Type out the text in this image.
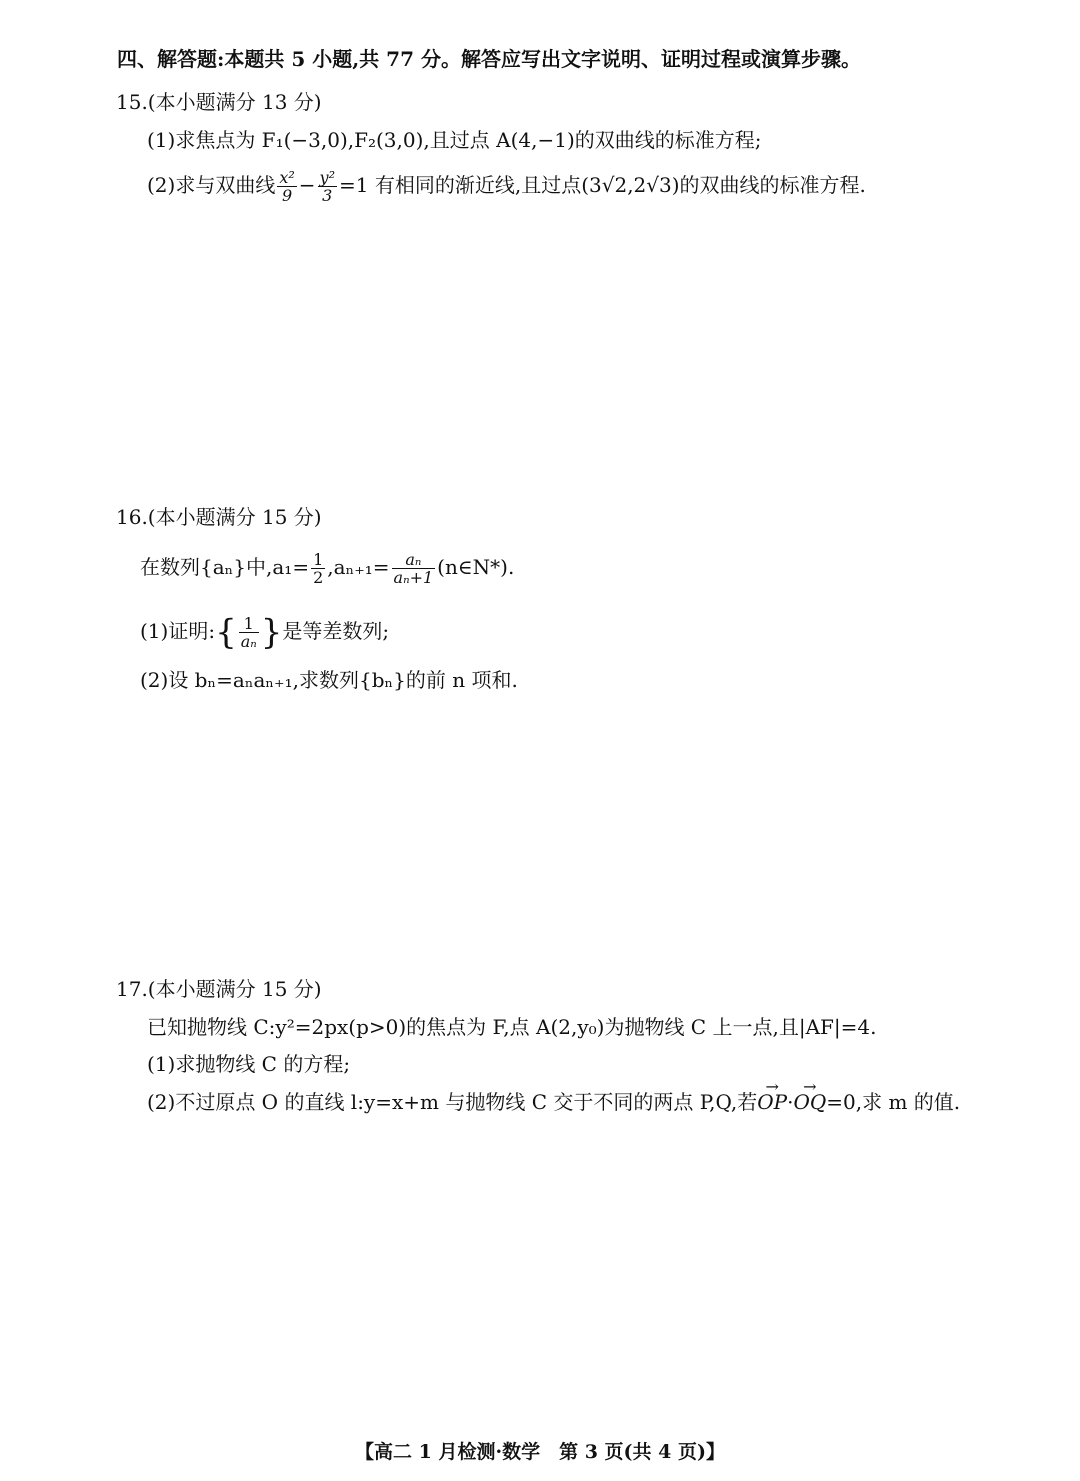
四、解答题:本题共 5 小题,共 77 分。解答应写出文字说明、证明过程或演算步骤。
15.(本小题满分 13 分)
(1)求焦点为 F₁(−3,0),F₂(3,0),且过点 A(4,−1)的双曲线的标准方程;
(2)求与双曲线 $\frac{\text{x²}}{9} - \frac{\text{y²}}{3} =1$ 有相同的渐近线,且过点(3√2,2√3)的双曲线的标准方程.
16.(本小题满分 15 分)
在数列{aₙ}中$,a_1= \frac{1}{2} ,a_{n+1}= \frac{\text{aₙ}}{\text{aₙ+1}}$ (n∈N*).
(1)证明:{ $\frac{1}{\text{aₙ}}$ }是等差数列;
(2)设 bₙ=aₙaₙ₊₁,求数列{bₙ}的前 n 项和.
17.(本小题满分 15 分)
已知抛物线 C:y²=2px(p>0)的焦点为 F,点 A(2,y₀)为抛物线 C 上一点,且|AF|=4.
(1)求抛物线 C 的方程;
(2)不过原点 O 的直线 l:y=x+m 与抛物线 C 交于不同的两点 P,Q,若→ OP·→ OQ=0,求 m 的值.
【高二 1 月检测·数学　第 3 页(共 4 页)】
